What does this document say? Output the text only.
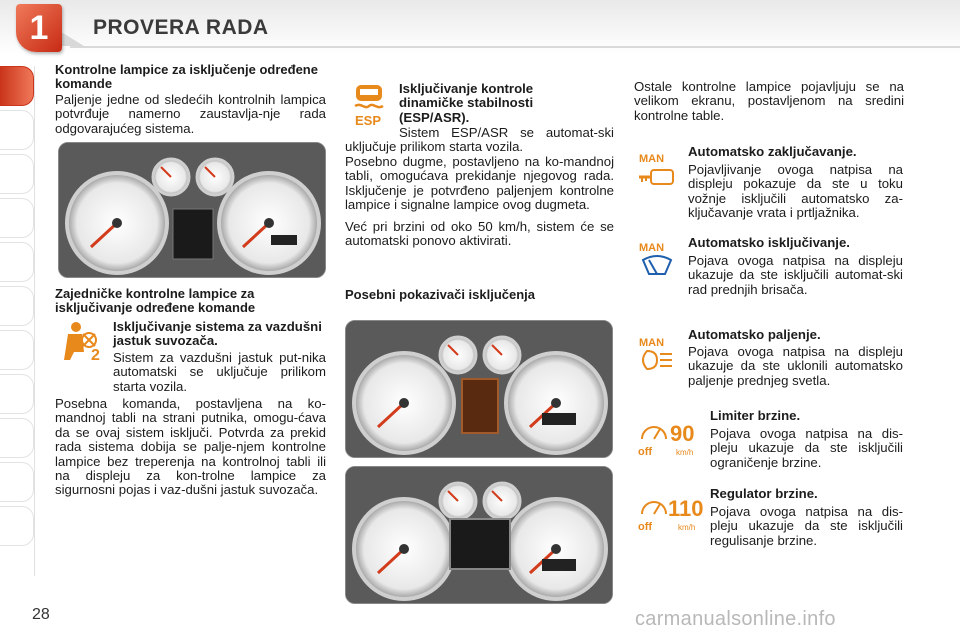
1	PROVERA RADA
Kontrolne lampice za isključenje određene komande
Paljenje jedne od sledećih kontrolnih lampica potvrđuje namerno zaustavlja-nje rada odgovarajućeg sistema.
Zajedničke kontrolne lampice za isključivanje određene komande
2
Isključivanje sistema za vazdušni jastuk suvozača.
Sistem za vazdušni jastuk put-nika automatski se uključuje prilikom starta vozila.
Posebna komanda, postavljena na ko-mandnoj tabli na strani putnika, omogu-ćava da se ovaj sistem isključi. Potvrda za prekid rada sistema dobija se palje-njem kontrolne lampice bez treperenja na kontrolnoj tabli ili na displeju za kon-trolne lampice za sigurnosni pojas i vaz-dušni jastuk suvozača.
ESP
Isključivanje kontrole dinamičke stabilnosti (ESP/ASR).
Sistem ESP/ASR se automat-ski uključuje prilikom starta vozila.
Posebno dugme, postavljeno na ko-mandnoj tabli, omogućava prekidanje njegovog rada. Isključenje je potvrđeno paljenjem kontrolne lampice i signalne lampice ovog dugmeta.
Već pri brzini od oko 50 km/h, sistem će se automatski ponovo aktivirati.
Posebni pokazivači isključenja
Ostale kontrolne lampice pojavljuju se na velikom ekranu, postavljenom na sredini kontrolne table.
MAN Automatsko zaključavanje.
Pojavljivanje ovoga natpisa na displeju pokazuje da ste u toku vožnje isključili automatsko za-ključavanje vrata i prtljažnika.
MAN Automatsko isključivanje.
Pojava ovoga natpisa na displeju ukazuje da ste isključili automat-ski rad prednjih brisača.
MAN
Automatsko paljenje.
Pojava ovoga natpisa na displeju ukazuje da ste uklonili automatsko paljenje prednjeg svetla.
off
90
km/h
Limiter brzine.
Pojava ovoga natpisa na dis-pleju ukazuje da ste isključili ograničenje brzine.
off
110
km/h
Regulator brzine.
Pojava ovoga natpisa na dis-pleju ukazuje da ste isključili regulisanje brzine.
28	carmanualsonline.info
